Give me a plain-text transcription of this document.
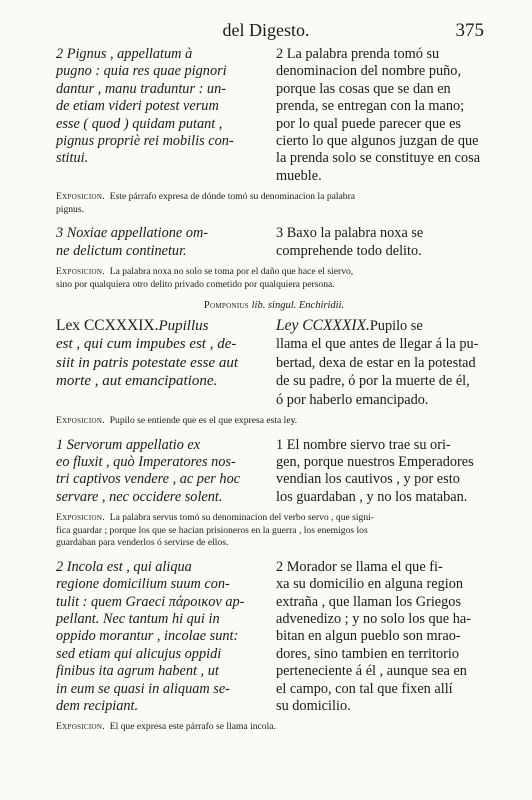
del Digesto.	375
2 Pignus , appellatum à
pugno : quia res quae pignori
dantur , manu traduntur : un-
de etiam videri potest verum
esse ( quod ) quidam putant ,
pignus propriè rei mobilis con-
stitui.
2 La palabra prenda tomó su
denominacion del nombre puño,
porque las cosas que se dan en
prenda, se entregan con la mano;
por lo qual puede parecer que es
cierto lo que algunos juzgan de que
la prenda solo se constituye en cosa
mueble.
Exposicion. Este párrafo expresa de dónde tomó su denominacion la palabra
pignus.
3 Noxiae appellatione om-
ne delictum continetur.
3 Baxo la palabra noxa se
comprehende todo delito.
Exposicion. La palabra noxa no solo se toma por el daño que hace el siervo,
sino por qualquiera otro delito privado cometido por qualquiera persona.
Pomponius lib. singul. Enchiridii.
Lex CCXXXIX.Pupillus
est , qui cum impubes est , de-
siit in patris potestate esse aut
morte , aut emancipatione.
Ley CCXXXIX.Pupilo se
llama el que antes de llegar á la pu-
bertad, dexa de estar en la potestad
de su padre, ó por la muerte de él,
ó por haberlo emancipado.
Exposicion. Pupilo se entiende que es el que expresa esta ley.
1 Servorum appellatio ex
eo fluxit , quò Imperatores nos-
tri captivos vendere , ac per hoc
servare , nec occidere solent.
1 El nombre siervo trae su ori-
gen, porque nuestros Emperadores
vendian los cautivos , y por esto
los guardaban , y no los mataban.
Exposicion. La palabra servus tomó su denominacion del verbo servo , que signi-
fica guardar ; porque los que se hacian prisioneros en la guerra , los enemigos los
guardaban para venderlos ó servirse de ellos.
2 Incola est , qui aliqua
regione domicilium suum con-
tulit : quem Graeci πάροικον ap-
pellant. Nec tantum hi qui in
oppido morantur , incolae sunt:
sed etiam qui alicujus oppidi
finibus ita agrum habent , ut
in eum se quasi in aliquam se-
dem recipiant.
2 Morador se llama el que fi-
xa su domicilio en alguna region
extraña , que llaman los Griegos
advenedizo ; y no solo los que ha-
bitan en algun pueblo son mrao-
dores, sino tambien en territorio
perteneciente á él , aunque sea en
el campo, con tal que fixen allí
su domicilio.
Exposicion. El que expresa este párrafo se llama incola.
